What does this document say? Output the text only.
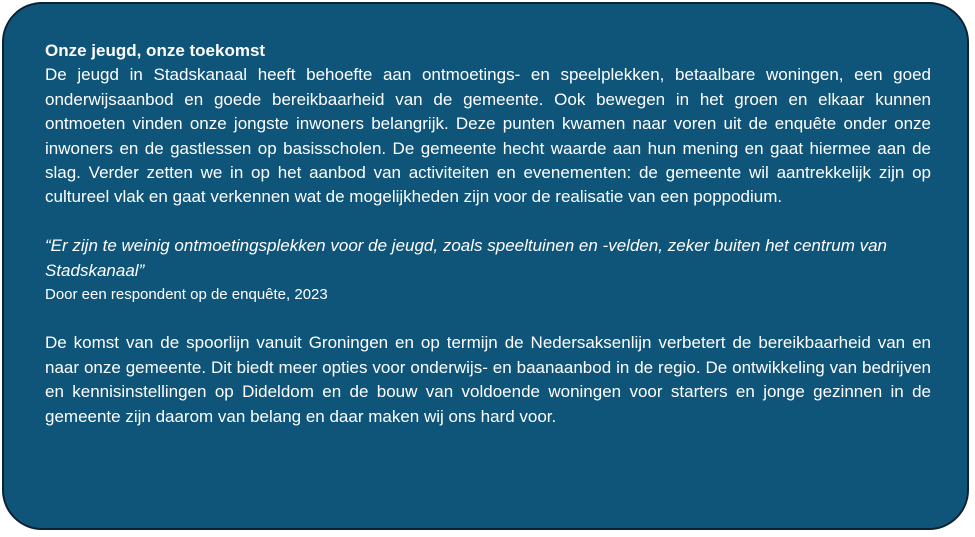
Onze jeugd, onze toekomst

De jeugd in Stadskanaal heeft behoefte aan ontmoetings- en speelplekken, betaalbare woningen, een goed onderwijsaanbod en goede bereikbaarheid van de gemeente. Ook bewegen in het groen en elkaar kunnen ontmoeten vinden onze jongste inwoners belangrijk. Deze punten kwamen naar voren uit de enquête onder onze inwoners en de gastlessen op basisscholen. De gemeente hecht waarde aan hun mening en gaat hiermee aan de slag. Verder zetten we in op het aanbod van activiteiten en evenementen: de gemeente wil aantrekkelijk zijn op cultureel vlak en gaat verkennen wat de mogelijkheden zijn voor de realisatie van een poppodium.

“Er zijn te weinig ontmoetingsplekken voor de jeugd, zoals speeltuinen en -velden, zeker buiten het centrum van Stadskanaal”

Door een respondent op de enquête, 2023

De komst van de spoorlijn vanuit Groningen en op termijn de Nedersaksenlijn verbetert de bereikbaarheid van en naar onze gemeente. Dit biedt meer opties voor onderwijs- en baanaanbod in de regio. De ontwikkeling van bedrijven en kennisinstellingen op Dideldom en de bouw van voldoende woningen voor starters en jonge gezinnen in de gemeente zijn daarom van belang en daar maken wij ons hard voor.
